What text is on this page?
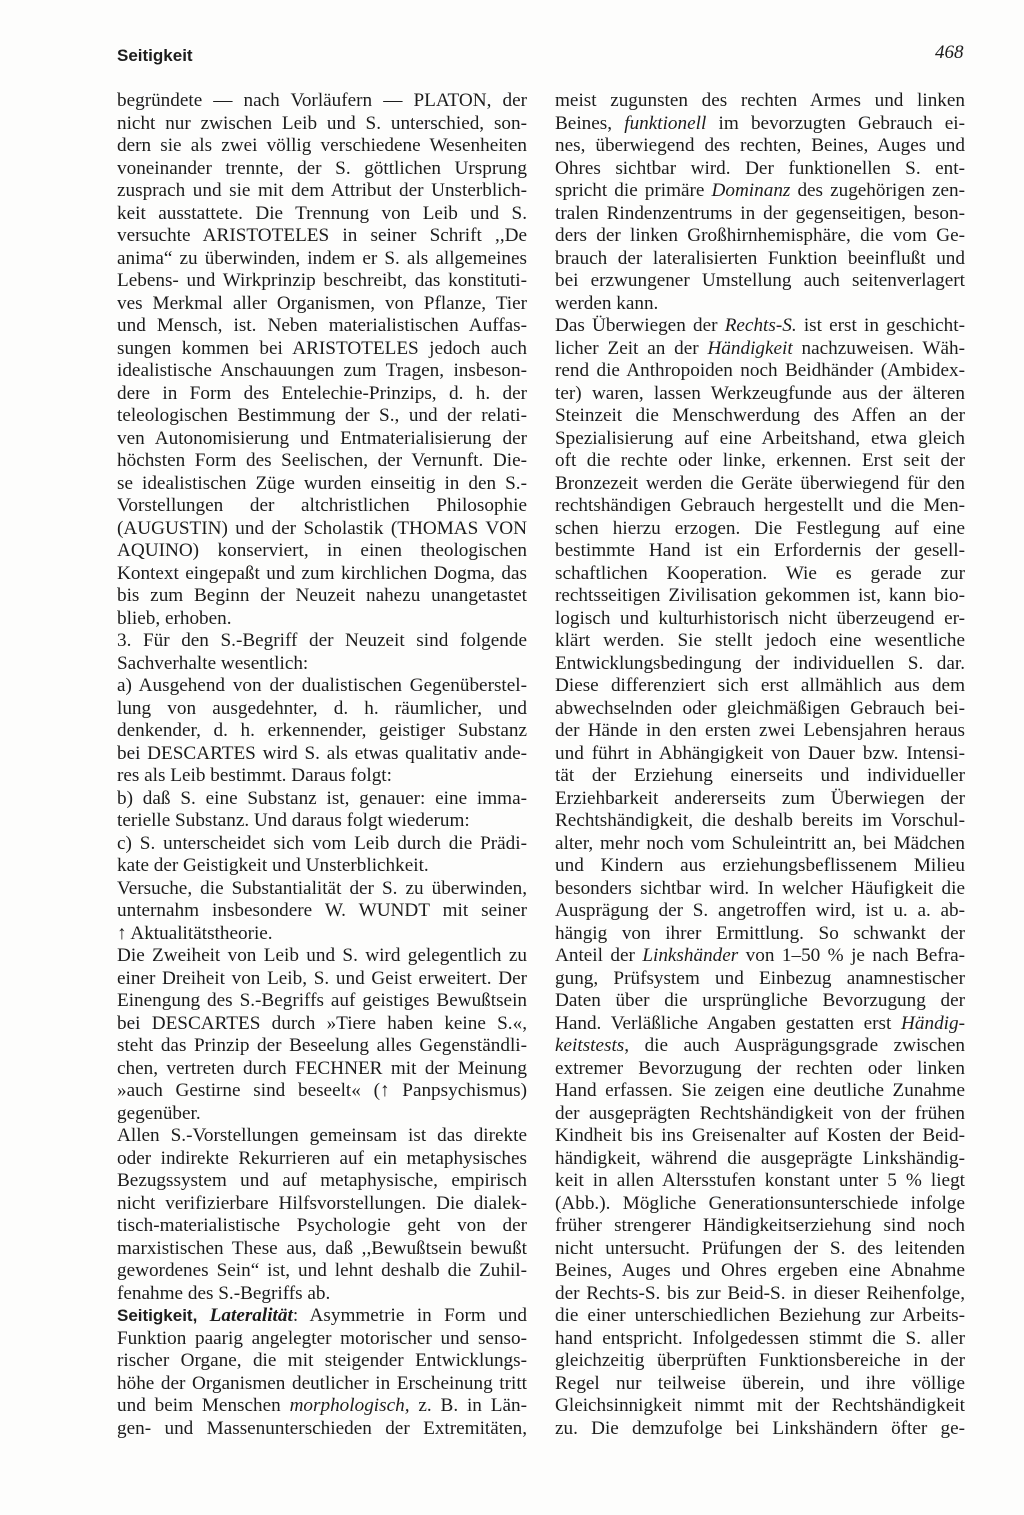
Seitigkeit	468
begründete — nach Vorläufern — PLATON, der
nicht nur zwischen Leib und S. unterschied, son-
dern sie als zwei völlig verschiedene Wesenheiten
voneinander trennte, der S. göttlichen Ursprung
zusprach und sie mit dem Attribut der Unsterblich-
keit ausstattete. Die Trennung von Leib und S.
versuchte ARISTOTELES in seiner Schrift ,,De
anima“ zu überwinden, indem er S. als allgemeines
Lebens- und Wirkprinzip beschreibt, das konstituti-
ves Merkmal aller Organismen, von Pflanze, Tier
und Mensch, ist. Neben materialistischen Auffas-
sungen kommen bei ARISTOTELES jedoch auch
idealistische Anschauungen zum Tragen, insbeson-
dere in Form des Entelechie-Prinzips, d. h. der
teleologischen Bestimmung der S., und der relati-
ven Autonomisierung und Entmaterialisierung der
höchsten Form des Seelischen, der Vernunft. Die-
se idealistischen Züge wurden einseitig in den S.-
Vorstellungen der altchristlichen Philosophie
(AUGUSTIN) und der Scholastik (THOMAS VON
AQUINO) konserviert, in einen theologischen
Kontext eingepaßt und zum kirchlichen Dogma, das
bis zum Beginn der Neuzeit nahezu unangetastet
blieb, erhoben.
3. Für den S.-Begriff der Neuzeit sind folgende
Sachverhalte wesentlich:
a) Ausgehend von der dualistischen Gegenüberstel-
lung von ausgedehnter, d. h. räumlicher, und
denkender, d. h. erkennender, geistiger Substanz
bei DESCARTES wird S. als etwas qualitativ ande-
res als Leib bestimmt. Daraus folgt:
b) daß S. eine Substanz ist, genauer: eine imma-
terielle Substanz. Und daraus folgt wiederum:
c) S. unterscheidet sich vom Leib durch die Prädi-
kate der Geistigkeit und Unsterblichkeit.
Versuche, die Substantialität der S. zu überwinden,
unternahm insbesondere W. WUNDT mit seiner
↑ Aktualitätstheorie.
Die Zweiheit von Leib und S. wird gelegentlich zu
einer Dreiheit von Leib, S. und Geist erweitert. Der
Einengung des S.-Begriffs auf geistiges Bewußtsein
bei DESCARTES durch »Tiere haben keine S.«,
steht das Prinzip der Beseelung alles Gegenständli-
chen, vertreten durch FECHNER mit der Meinung
»auch Gestirne sind beseelt« (↑ Panpsychismus)
gegenüber.
Allen S.-Vorstellungen gemeinsam ist das direkte
oder indirekte Rekurrieren auf ein metaphysisches
Bezugssystem und auf metaphysische, empirisch
nicht verifizierbare Hilfsvorstellungen. Die dialek-
tisch-materialistische Psychologie geht von der
marxistischen These aus, daß ,,Bewußtsein bewußt
gewordenes Sein“ ist, und lehnt deshalb die Zuhil-
fenahme des S.-Begriffs ab.
Seitigkeit, Lateralität: Asymmetrie in Form und
Funktion paarig angelegter motorischer und senso-
rischer Organe, die mit steigender Entwicklungs-
höhe der Organismen deutlicher in Erscheinung tritt
und beim Menschen morphologisch, z. B. in Län-
gen- und Massenunterschieden der Extremitäten,
meist zugunsten des rechten Armes und linken
Beines, funktionell im bevorzugten Gebrauch ei-
nes, überwiegend des rechten, Beines, Auges und
Ohres sichtbar wird. Der funktionellen S. ent-
spricht die primäre Dominanz des zugehörigen zen-
tralen Rindenzentrums in der gegenseitigen, beson-
ders der linken Großhirnhemisphäre, die vom Ge-
brauch der lateralisierten Funktion beeinflußt und
bei erzwungener Umstellung auch seitenverlagert
werden kann.
Das Überwiegen der Rechts-S. ist erst in geschicht-
licher Zeit an der Händigkeit nachzuweisen. Wäh-
rend die Anthropoiden noch Beidhänder (Ambidex-
ter) waren, lassen Werkzeugfunde aus der älteren
Steinzeit die Menschwerdung des Affen an der
Spezialisierung auf eine Arbeitshand, etwa gleich
oft die rechte oder linke, erkennen. Erst seit der
Bronzezeit werden die Geräte überwiegend für den
rechtshändigen Gebrauch hergestellt und die Men-
schen hierzu erzogen. Die Festlegung auf eine
bestimmte Hand ist ein Erfordernis der gesell-
schaftlichen Kooperation. Wie es gerade zur
rechtsseitigen Zivilisation gekommen ist, kann bio-
logisch und kulturhistorisch nicht überzeugend er-
klärt werden. Sie stellt jedoch eine wesentliche
Entwicklungsbedingung der individuellen S. dar.
Diese differenziert sich erst allmählich aus dem
abwechselnden oder gleichmäßigen Gebrauch bei-
der Hände in den ersten zwei Lebensjahren heraus
und führt in Abhängigkeit von Dauer bzw. Intensi-
tät der Erziehung einerseits und individueller
Erziehbarkeit andererseits zum Überwiegen der
Rechtshändigkeit, die deshalb bereits im Vorschul-
alter, mehr noch vom Schuleintritt an, bei Mädchen
und Kindern aus erziehungsbeflissenem Milieu
besonders sichtbar wird. In welcher Häufigkeit die
Ausprägung der S. angetroffen wird, ist u. a. ab-
hängig von ihrer Ermittlung. So schwankt der
Anteil der Linkshänder von 1–50 % je nach Befra-
gung, Prüfsystem und Einbezug anamnestischer
Daten über die ursprüngliche Bevorzugung der
Hand. Verläßliche Angaben gestatten erst Händig-
keitstests, die auch Ausprägungsgrade zwischen
extremer Bevorzugung der rechten oder linken
Hand erfassen. Sie zeigen eine deutliche Zunahme
der ausgeprägten Rechtshändigkeit von der frühen
Kindheit bis ins Greisenalter auf Kosten der Beid-
händigkeit, während die ausgeprägte Linkshändig-
keit in allen Altersstufen konstant unter 5 % liegt
(Abb.). Mögliche Generationsunterschiede infolge
früher strengerer Händigkeitserziehung sind noch
nicht untersucht. Prüfungen der S. des leitenden
Beines, Auges und Ohres ergeben eine Abnahme
der Rechts-S. bis zur Beid-S. in dieser Reihenfolge,
die einer unterschiedlichen Beziehung zur Arbeits-
hand entspricht. Infolgedessen stimmt die S. aller
gleichzeitig überprüften Funktionsbereiche in der
Regel nur teilweise überein, und ihre völlige
Gleichsinnigkeit nimmt mit der Rechtshändigkeit
zu. Die demzufolge bei Linkshändern öfter ge-
